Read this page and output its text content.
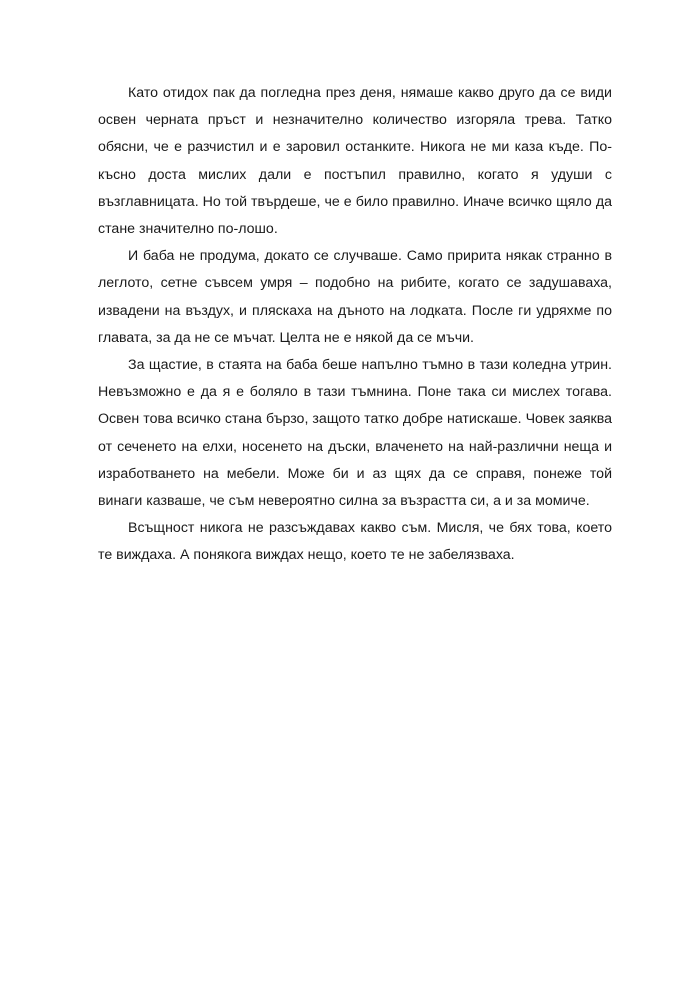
Като отидох пак да погледна през деня, нямаше какво друго да се види освен черната пръст и незначително количество изгоряла трева. Татко обясни, че е разчистил и е заровил останките. Никога не ми каза къде. По-късно доста мислих дали е постъпил правилно, когато я удуши с възглавницата. Но той твърдеше, че е било правилно. Иначе всичко щяло да стане значително по-лошо.

И баба не продума, докато се случваше. Само пририта някак странно в леглото, сетне съвсем умря – подобно на рибите, когато се задушаваха, извадени на въздух, и пляскаха на дъното на лодката. После ги удряхме по главата, за да не се мъчат. Целта не е някой да се мъчи.

За щастие, в стаята на баба беше напълно тъмно в тази коледна утрин. Невъзможно е да я е боляло в тази тъмнина. Поне така си мислех тогава. Освен това всичко стана бързо, защото татко добре натискаше. Човек заяква от сеченето на елхи, носенето на дъски, влаченето на най-различни неща и изработването на мебели. Може би и аз щях да се справя, понеже той винаги казваше, че съм невероятно силна за възрастта си, а и за момиче.

Всъщност никога не разсъждавах какво съм. Мисля, че бях това, което те виждаха. А понякога виждах нещо, което те не забелязваха.
